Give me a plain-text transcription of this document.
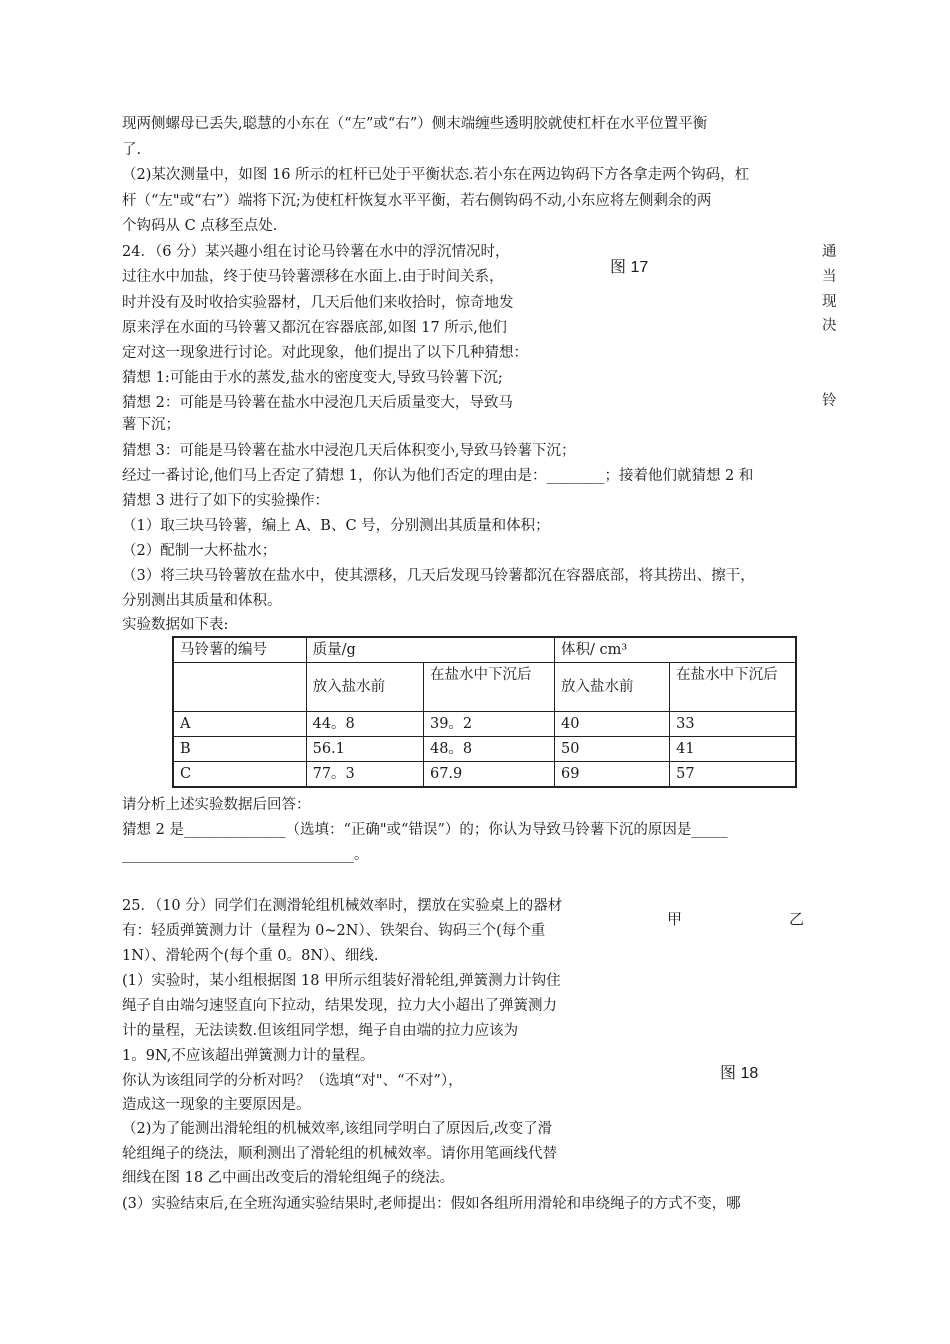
现两侧螺母已丢失,聪慧的小东在（“左”或“右”）侧末端缠些透明胶就使杠杆在水平位置平衡
了.
（2)某次测量中，如图 16 所示的杠杆已处于平衡状态.若小东在两边钩码下方各拿走两个钩码，杠
杆（“左"或“右”）端将下沉;为使杠杆恢复水平平衡，若右侧钩码不动,小东应将左侧剩余的两
个钩码从 C 点移至点处.
24．（6 分）某兴趣小组在讨论马铃薯在水中的浮沉情况时，
过往水中加盐，终于使马铃薯漂移在水面上.由于时间关系，
时并没有及时收拾实验器材，几天后他们来收拾时，惊奇地发
原来浮在水面的马铃薯又都沉在容器底部,如图 17 所示,他们
定对这一现象进行讨论。对此现象，他们提出了以下几种猜想：
猜想 1:可能由于水的蒸发,盐水的密度变大,导致马铃薯下沉;
猜想 2：可能是马铃薯在盐水中浸泡几天后质量变大，导致马
薯下沉；
图 17
通
当
现
决
铃
猜想 3：可能是马铃薯在盐水中浸泡几天后体积变小,导致马铃薯下沉；
经过一番讨论,他们马上否定了猜想 1，你认为他们否定的理由是：________；接着他们就猜想 2 和
猜想 3 进行了如下的实验操作：
（1）取三块马铃薯，编上 A、B、C 号，分别测出其质量和体积；
（2）配制一大杯盐水；
（3）将三块马铃薯放在盐水中，使其漂移，几天后发现马铃薯都沉在容器底部，将其捞出、擦干，
分别测出其质量和体积。
实验数据如下表:
马铃薯的编号	质量/g		体积/ cm³	
	放入盐水前	在盐水中下沉后	放入盐水前	在盐水中下沉后
A	44。8	39。2	40	33
B	56.1	48。8	50	41
C	77。3	67.9	69	57
请分析上述实验数据后回答：
猜想 2 是______________（选填：“正确"或“错误”）的；你认为导致马铃薯下沉的原因是_____
________________________________。
25．（10 分）同学们在测滑轮组机械效率时，摆放在实验桌上的器材
有：轻质弹簧测力计（量程为 0~2N）、铁架台、钩码三个(每个重
1N）、滑轮两个(每个重 0。8N）、细线.
(1）实验时，某小组根据图 18 甲所示组装好滑轮组,弹簧测力计钩住
绳子自由端匀速竖直向下拉动，结果发现，拉力大小超出了弹簧测力
计的量程，无法读数.但该组同学想，绳子自由端的拉力应该为
1。9N,不应该超出弹簧测力计的量程。
你认为该组同学的分析对吗？（选填“对"、“不对”），
造成这一现象的主要原因是。
（2)为了能测出滑轮组的机械效率,该组同学明白了原因后,改变了滑
轮组绳子的绕法，顺利测出了滑轮组的机械效率。请你用笔画线代替
细线在图 18 乙中画出改变后的滑轮组绳子的绕法。
(3）实验结束后,在全班沟通实验结果时,老师提出：假如各组所用滑轮和串绕绳子的方式不变，哪
甲	乙
图 18
